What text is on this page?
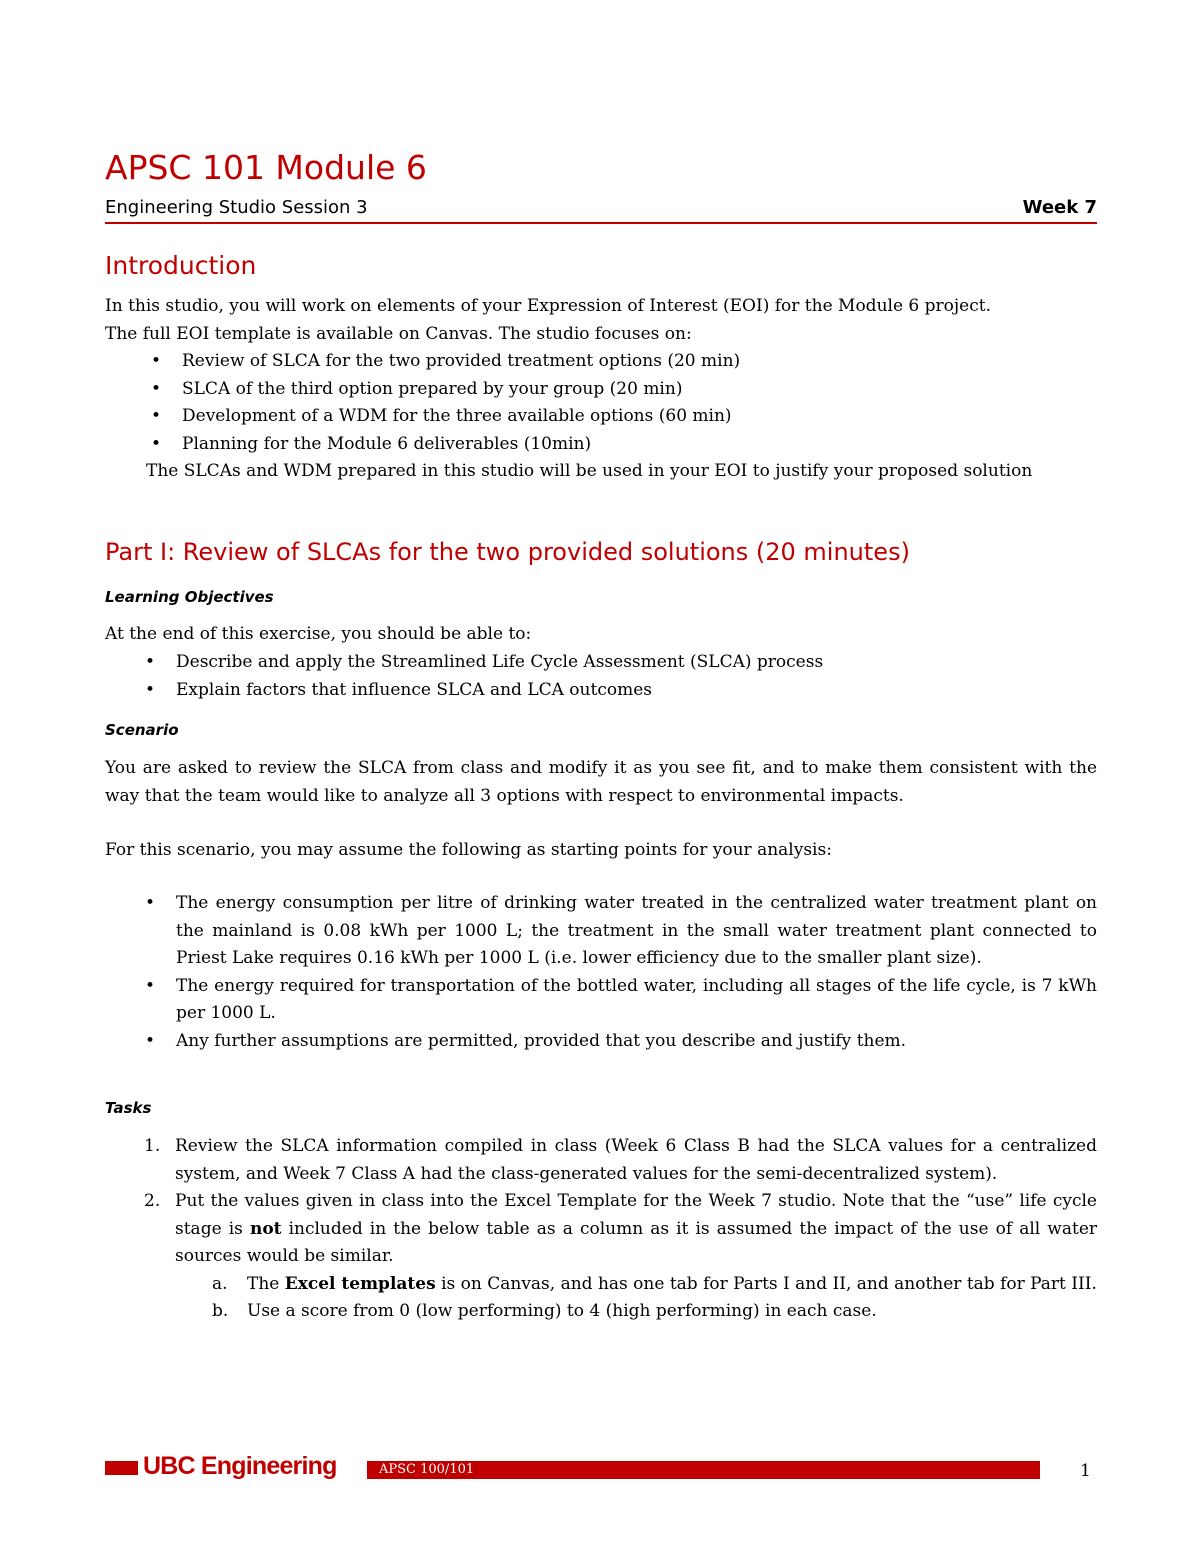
APSC 101 Module 6
Engineering Studio Session 3	Week 7
Introduction
In this studio, you will work on elements of your Expression of Interest (EOI) for the Module 6 project.
The full EOI template is available on Canvas. The studio focuses on:
• Review of SLCA for the two provided treatment options (20 min)
• SLCA of the third option prepared by your group (20 min)
• Development of a WDM for the three available options (60 min)
• Planning for the Module 6 deliverables (10min)
The SLCAs and WDM prepared in this studio will be used in your EOI to justify your proposed solution
Part I: Review of SLCAs for the two provided solutions (20 minutes)
Learning Objectives
At the end of this exercise, you should be able to:
• Describe and apply the Streamlined Life Cycle Assessment (SLCA) process
• Explain factors that influence SLCA and LCA outcomes
Scenario
You are asked to review the SLCA from class and modify it as you see fit, and to make them consistent with the way that the team would like to analyze all 3 options with respect to environmental impacts.
For this scenario, you may assume the following as starting points for your analysis:
• The energy consumption per litre of drinking water treated in the centralized water treatment plant on the mainland is 0.08 kWh per 1000 L; the treatment in the small water treatment plant connected to Priest Lake requires 0.16 kWh per 1000 L (i.e. lower efficiency due to the smaller plant size).
• The energy required for transportation of the bottled water, including all stages of the life cycle, is 7 kWh per 1000 L.
• Any further assumptions are permitted, provided that you describe and justify them.
Tasks
1. Review the SLCA information compiled in class (Week 6 Class B had the SLCA values for a centralized system, and Week 7 Class A had the class-generated values for the semi-decentralized system).
2. Put the values given in class into the Excel Template for the Week 7 studio. Note that the “use” life cycle stage is not included in the below table as a column as it is assumed the impact of the use of all water sources would be similar.
a. The Excel templates is on Canvas, and has one tab for Parts I and II, and another tab for Part III.
b. Use a score from 0 (low performing) to 4 (high performing) in each case.
UBC Engineering	APSC 100/101	1
